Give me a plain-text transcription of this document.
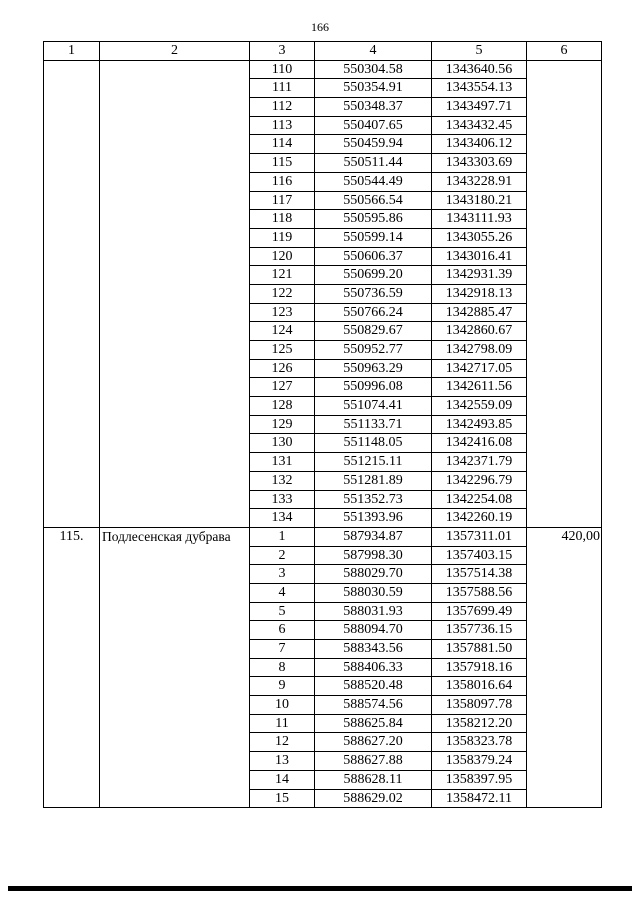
166
1	2	3	4	5	6
		110	550304.58	1343640.56	
		111	550354.91	1343554.13	
		112	550348.37	1343497.71	
		113	550407.65	1343432.45	
		114	550459.94	1343406.12	
		115	550511.44	1343303.69	
		116	550544.49	1343228.91	
		117	550566.54	1343180.21	
		118	550595.86	1343111.93	
		119	550599.14	1343055.26	
		120	550606.37	1343016.41	
		121	550699.20	1342931.39	
		122	550736.59	1342918.13	
		123	550766.24	1342885.47	
		124	550829.67	1342860.67	
		125	550952.77	1342798.09	
		126	550963.29	1342717.05	
		127	550996.08	1342611.56	
		128	551074.41	1342559.09	
		129	551133.71	1342493.85	
		130	551148.05	1342416.08	
		131	551215.11	1342371.79	
		132	551281.89	1342296.79	
		133	551352.73	1342254.08	
		134	551393.96	1342260.19	
115.	Подлесенская дубрава	1	587934.87	1357311.01	420,00
		2	587998.30	1357403.15	
		3	588029.70	1357514.38	
		4	588030.59	1357588.56	
		5	588031.93	1357699.49	
		6	588094.70	1357736.15	
		7	588343.56	1357881.50	
		8	588406.33	1357918.16	
		9	588520.48	1358016.64	
		10	588574.56	1358097.78	
		11	588625.84	1358212.20	
		12	588627.20	1358323.78	
		13	588627.88	1358379.24	
		14	588628.11	1358397.95	
		15	588629.02	1358472.11	
